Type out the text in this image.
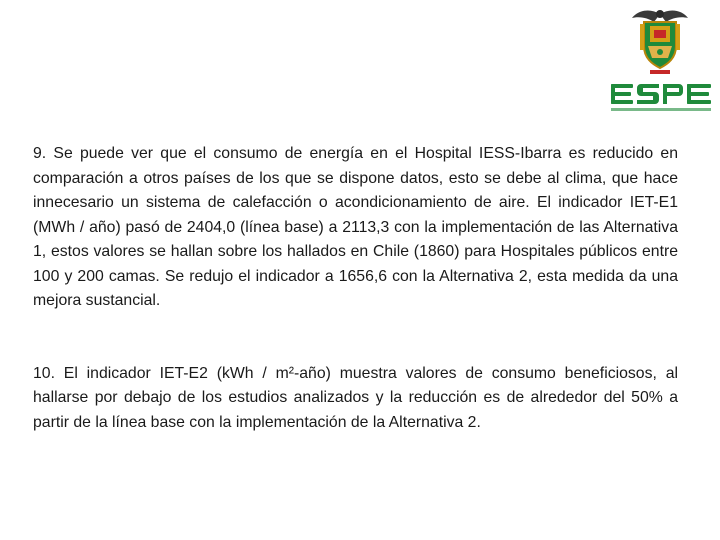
9. Se puede ver que el consumo de energía en el Hospital IESS-Ibarra es reducido en comparación a otros países de los que se dispone datos, esto se debe al clima, que hace innecesario un sistema de calefacción o acondicionamiento de aire. El indicador IET-E1 (MWh / año) pasó de 2404,0 (línea base) a 2113,3 con la implementación de las Alternativa 1, estos valores se hallan sobre los hallados en Chile (1860) para Hospitales públicos entre 100 y 200 camas. Se redujo el indicador a 1656,6 con la Alternativa 2, esta medida da una mejora sustancial.

10. El indicador IET-E2 (kWh / m²-año) muestra valores de consumo beneficiosos, al hallarse por debajo de los estudios analizados y la reducción es de alrededor del 50% a partir de la línea base con la implementación de la Alternativa 2.
